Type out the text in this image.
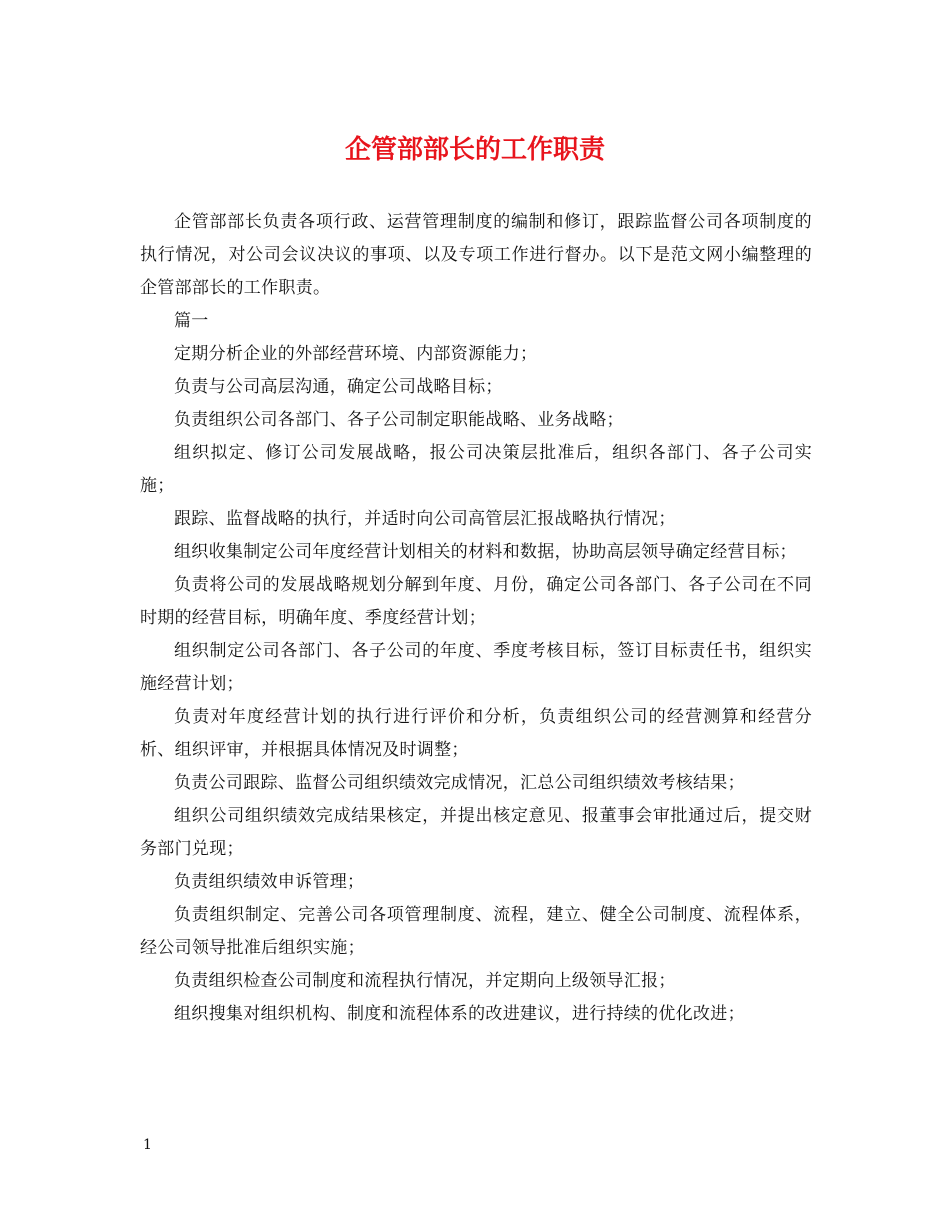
企管部部长的工作职责

企管部部长负责各项行政、运营管理制度的编制和修订，跟踪监督公司各项制度的执行情况，对公司会议决议的事项、以及专项工作进行督办。以下是范文网小编整理的企管部部长的工作职责。

篇一

定期分析企业的外部经营环境、内部资源能力；

负责与公司高层沟通，确定公司战略目标；

负责组织公司各部门、各子公司制定职能战略、业务战略；

组织拟定、修订公司发展战略，报公司决策层批准后，组织各部门、各子公司实施；

跟踪、监督战略的执行，并适时向公司高管层汇报战略执行情况；

组织收集制定公司年度经营计划相关的材料和数据，协助高层领导确定经营目标；

负责将公司的发展战略规划分解到年度、月份，确定公司各部门、各子公司在不同时期的经营目标，明确年度、季度经营计划；

组织制定公司各部门、各子公司的年度、季度考核目标，签订目标责任书，组织实施经营计划；

负责对年度经营计划的执行进行评价和分析，负责组织公司的经营测算和经营分析、组织评审，并根据具体情况及时调整；

负责公司跟踪、监督公司组织绩效完成情况，汇总公司组织绩效考核结果；

组织公司组织绩效完成结果核定，并提出核定意见、报董事会审批通过后，提交财务部门兑现；

负责组织绩效申诉管理；

负责组织制定、完善公司各项管理制度、流程，建立、健全公司制度、流程体系，经公司领导批准后组织实施；

负责组织检查公司制度和流程执行情况，并定期向上级领导汇报；

组织搜集对组织机构、制度和流程体系的改进建议，进行持续的优化改进；

1
